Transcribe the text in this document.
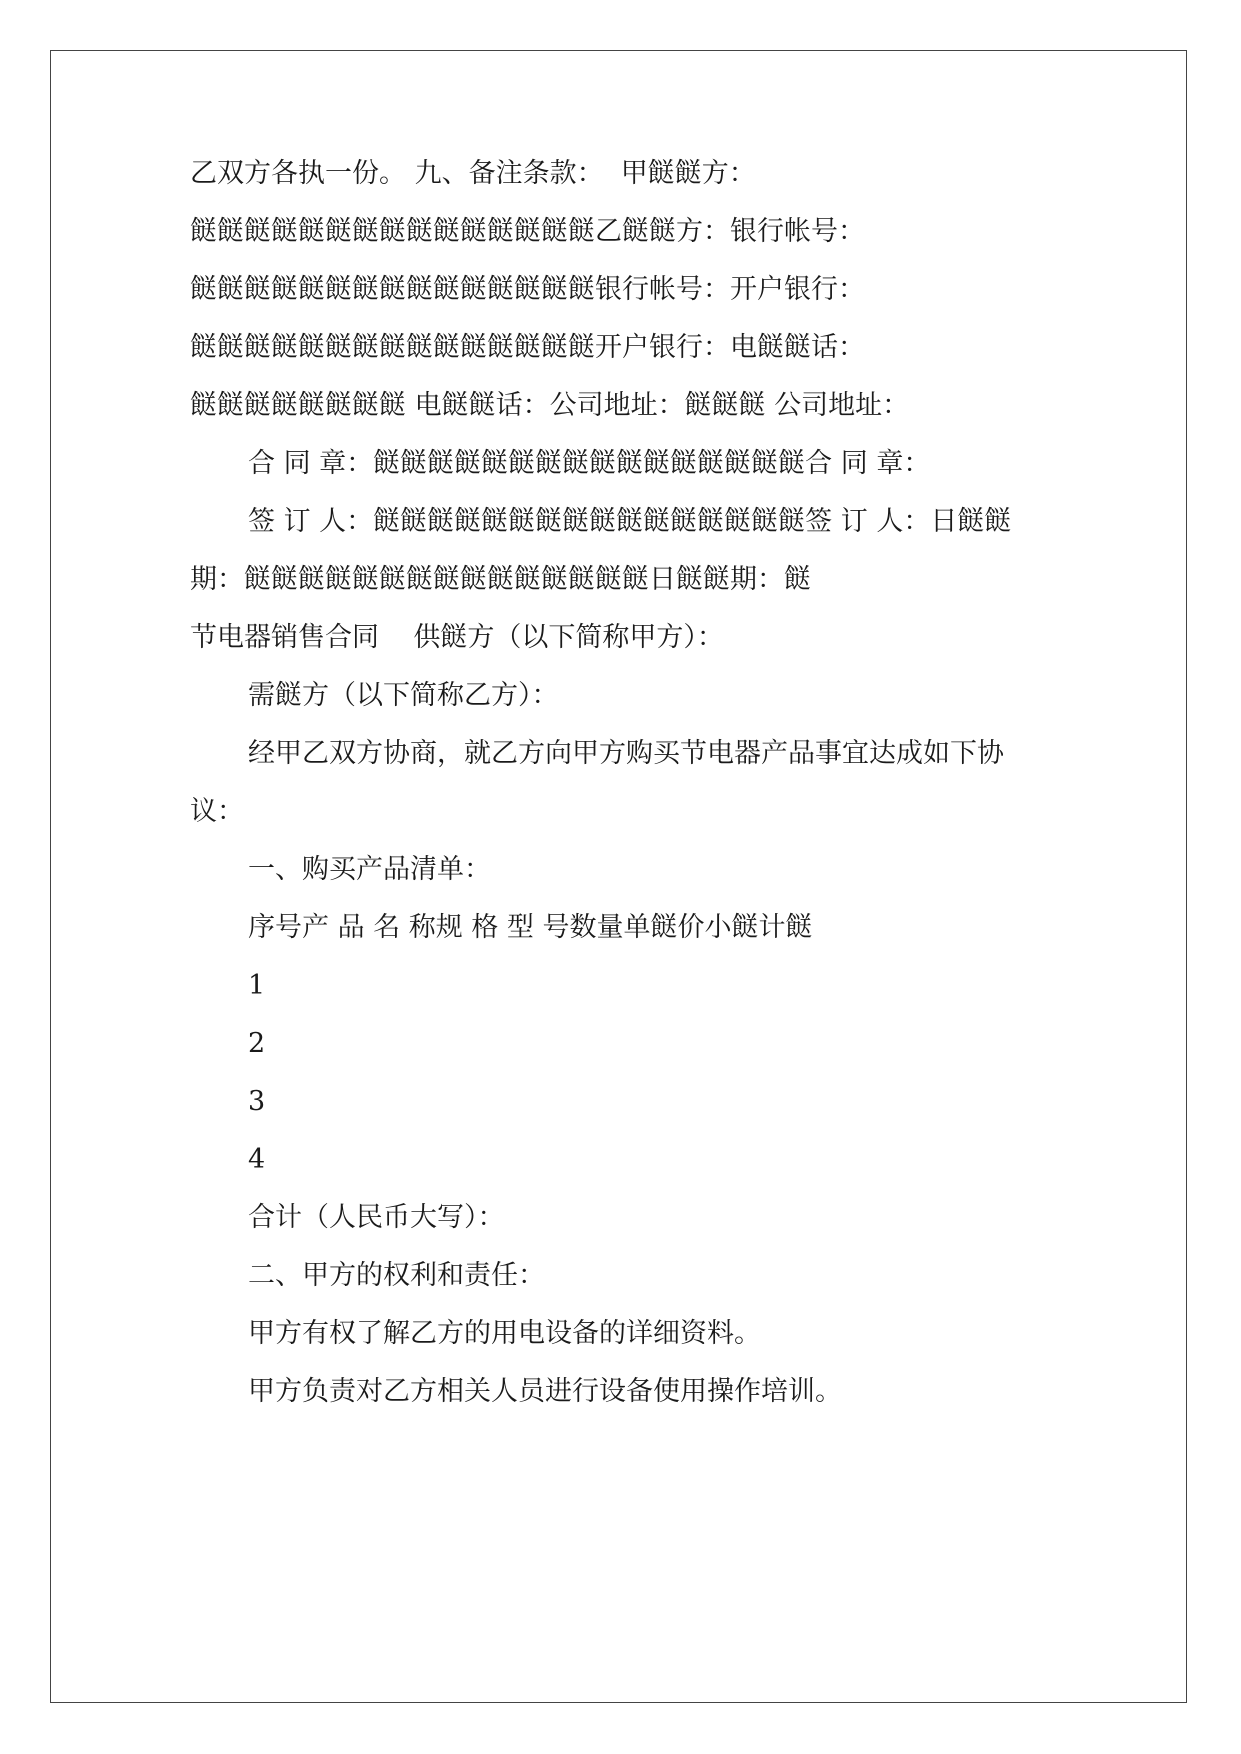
乙双方各执一份。 九、备注条款：  甲餸餸方：
餸餸餸餸餸餸餸餸餸餸餸餸餸餸餸乙餸餸方：银行帐号：
餸餸餸餸餸餸餸餸餸餸餸餸餸餸餸银行帐号：开户银行：
餸餸餸餸餸餸餸餸餸餸餸餸餸餸餸开户银行：电餸餸话：
餸餸餸餸餸餸餸餸 电餸餸话：公司地址：餸餸餸 公司地址：
合 同 章：餸餸餸餸餸餸餸餸餸餸餸餸餸餸餸餸合 同 章：
签 订 人：餸餸餸餸餸餸餸餸餸餸餸餸餸餸餸餸签 订 人：日餸餸
期：餸餸餸餸餸餸餸餸餸餸餸餸餸餸餸日餸餸期：餸
节电器销售合同    供餸方（以下简称甲方）：
需餸方（以下简称乙方）：
经甲乙双方协商，就乙方向甲方购买节电器产品事宜达成如下协
议：
一、购买产品清单：
序号产 品 名 称规 格 型 号数量单餸价小餸计餸
1
2
3
4
合计（人民币大写）：
二、甲方的权利和责任：
甲方有权了解乙方的用电设备的详细资料。
甲方负责对乙方相关人员进行设备使用操作培训。
